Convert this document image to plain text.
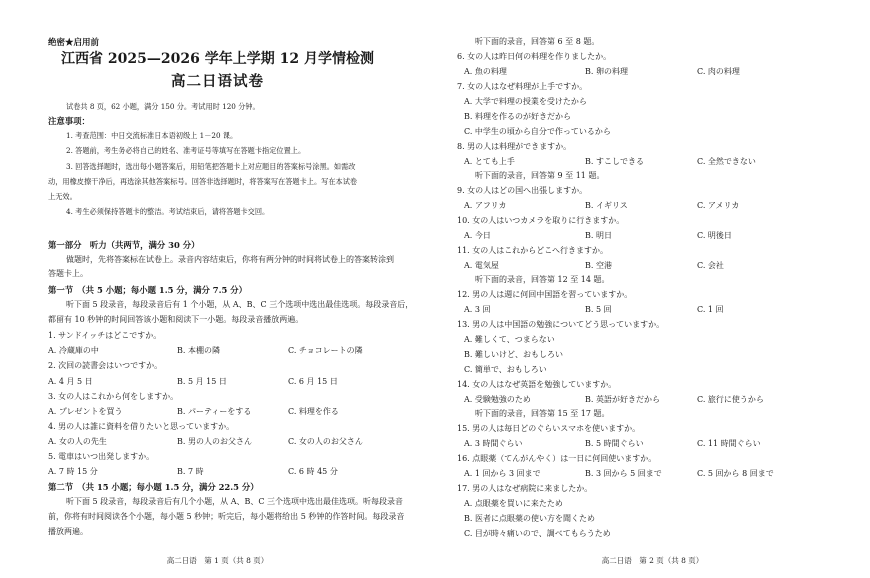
绝密★启用前
江西省 2025—2026 学年上学期 12 月学情检测
高二日语试卷
试卷共 8 页，62 小题，满分 150 分。考试用时 120 分钟。
注意事项：
1. 考查范围：中日交流标准日本语初级上 1－20 课。
2. 答题前，考生务必将自己的姓名、准考证号等填写在答题卡指定位置上。
3. 回答选择题时，选出每小题答案后，用铅笔把答题卡上对应题目的答案标号涂黑。如需改
动，用橡皮擦干净后，再选涂其他答案标号。回答非选择题时，将答案写在答题卡上。写在本试卷
上无效。
4. 考生必须保持答题卡的整洁。考试结束后，请将答题卡交回。
第一部分　听力（共两节，满分 30 分）
做题时，先将答案标在试卷上。录音内容结束后，你将有两分钟的时间将试卷上的答案转涂到
答题卡上。
第一节　（共 5 小题；每小题 1.5 分，满分 7.5 分）
听下面 5 段录音，每段录音后有 1 个小题，从 A、B、C 三个选项中选出最佳选项。每段录音后，
都留有 10 秒钟的时间回答该小题和阅读下一小题。每段录音播放两遍。
1. サンドイッチはどこですか。
A. 冷蔵庫の中	B. 本棚の隣	C. チョコレートの隣
2. 次回の読書会はいつですか。
A. 4 月 5 日	B. 5 月 15 日	C. 6 月 15 日
3. 女の人はこれから何をしますか。
A. プレゼントを買う	B. パーティーをする	C. 料理を作る
4. 男の人は誰に資料を借りたいと思っていますか。
A. 女の人の先生	B. 男の人のお父さん	C. 女の人のお父さん
5. 電車はいつ出発しますか。
A. 7 時 15 分	B. 7 時	C. 6 時 45 分
第二节　（共 15 小题；每小题 1.5 分，满分 22.5 分）
听下面 5 段录音，每段录音后有几个小题，从 A、B、C 三个选项中选出最佳选项。听每段录音
前，你将有时间阅读各个小题，每小题 5 秒钟；听完后，每小题将给出 5 秒钟的作答时间。每段录音
播放两遍。
高二日语　第 1 页（共 8 页）
听下面的录音，回答第 6 至 8 题。
6. 女の人は昨日何の料理を作りましたか。
A. 魚の料理	B. 卵の料理	C. 肉の料理
7. 女の人はなぜ料理が上手ですか。
A. 大学で料理の授業を受けたから
B. 料理を作るのが好きだから
C. 中学生の頃から自分で作っているから
8. 男の人は料理ができますか。
A. とても上手	B. すこしできる	C. 全然できない
听下面的录音，回答第 9 至 11 题。
9. 女の人はどの国へ出張しますか。
A. アフリカ	B. イギリス	C. アメリカ
10. 女の人はいつカメラを取りに行きますか。
A. 今日	B. 明日	C. 明後日
11. 女の人はこれからどこへ行きますか。
A. 電気屋	B. 空港	C. 会社
听下面的录音，回答第 12 至 14 题。
12. 男の人は週に何回中国語を習っていますか。
A. 3 回	B. 5 回	C. 1 回
13. 男の人は中国語の勉強についてどう思っていますか。
A. 難しくて、つまらない
B. 難しいけど、おもしろい
C. 簡単で、おもしろい
14. 女の人はなぜ英語を勉強していますか。
A. 受験勉強のため	B. 英語が好きだから	C. 旅行に使うから
听下面的录音，回答第 15 至 17 题。
15. 男の人は毎日どのぐらいスマホを使いますか。
A. 3 時間ぐらい	B. 5 時間ぐらい	C. 11 時間ぐらい
16. 点眼薬（てんがんやく）は一日に何回使いますか。
A. 1 回から 3 回まで	B. 3 回から 5 回まで	C. 5 回から 8 回まで
17. 男の人はなぜ病院に来ましたか。
A. 点眼薬を買いに来たため
B. 医者に点眼薬の使い方を聞くため
C. 目が時々痛いので、調べてもらうため
高二日语　第 2 页（共 8 页）
